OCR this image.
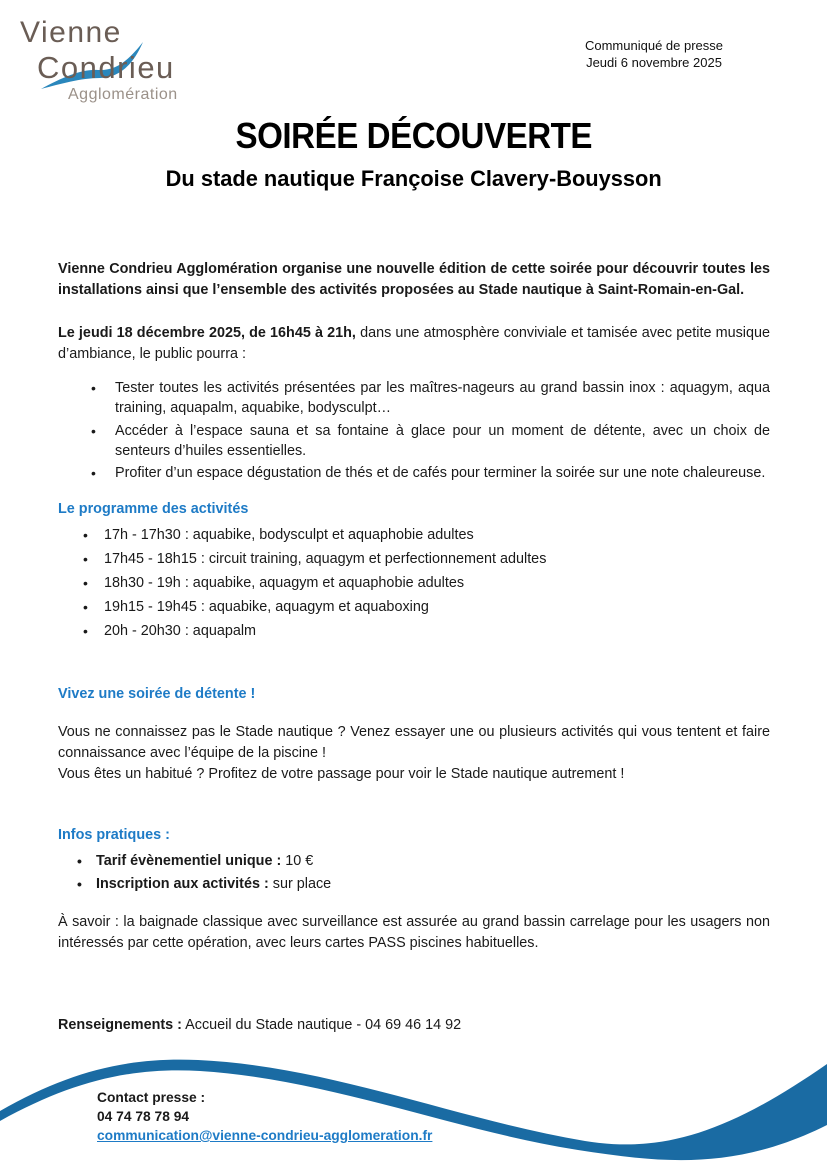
Vienne
Condrieu
Agglomération
Communiqué de presse
Jeudi 6 novembre 2025
SOIRÉE DÉCOUVERTE
Du stade nautique Françoise Clavery-Bouysson

Vienne Condrieu Agglomération organise une nouvelle édition de cette soirée pour découvrir toutes les installations ainsi que l’ensemble des activités proposées au Stade nautique à Saint-Romain-en-Gal.

Le jeudi 18 décembre 2025, de 16h45 à 21h, dans une atmosphère conviviale et tamisée avec petite musique d’ambiance, le public pourra :

• Tester toutes les activités présentées par les maîtres-nageurs au grand bassin inox : aquagym, aqua training, aquapalm, aquabike, bodysculpt…
• Accéder à l’espace sauna et sa fontaine à glace pour un moment de détente, avec un choix de senteurs d’huiles essentielles.
• Profiter d’un espace dégustation de thés et de cafés pour terminer la soirée sur une note chaleureuse.
Le programme des activités
• 17h - 17h30 : aquabike, bodysculpt et aquaphobie adultes
• 17h45 - 18h15 : circuit training, aquagym et perfectionnement adultes
• 18h30 - 19h : aquabike, aquagym et aquaphobie adultes
• 19h15 - 19h45 : aquabike, aquagym et aquaboxing
• 20h - 20h30 : aquapalm
Vivez une soirée de détente !
Vous ne connaissez pas le Stade nautique ? Venez essayer une ou plusieurs activités qui vous tentent et faire connaissance avec l’équipe de la piscine !
Vous êtes un habitué ? Profitez de votre passage pour voir le Stade nautique autrement !
Infos pratiques :
• Tarif évènementiel unique : 10 €
• Inscription aux activités : sur place

À savoir : la baignade classique avec surveillance est assurée au grand bassin carrelage pour les usagers non intéressés par cette opération, avec leurs cartes PASS piscines habituelles.

Renseignements : Accueil du Stade nautique - 04 69 46 14 92
Contact presse :
04 74 78 78 94
communication@vienne-condrieu-agglomeration.fr
